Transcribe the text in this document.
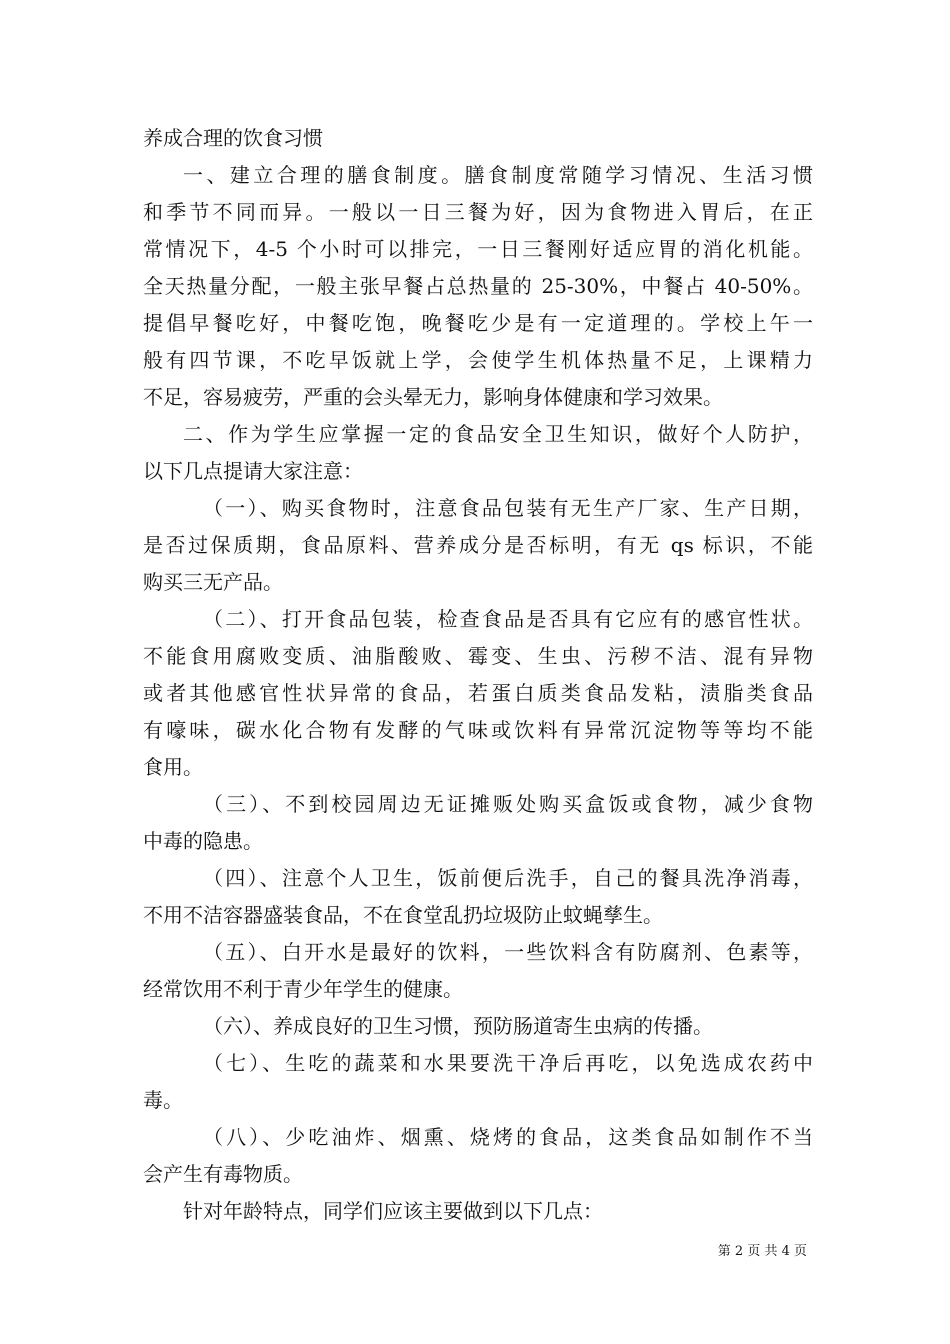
养成合理的饮食习惯
一、建立合理的膳食制度。膳食制度常随学习情况、生活习惯
和季节不同而异。一般以一日三餐为好，因为食物进入胃后，在正
常情况下，4-5 个小时可以排完，一日三餐刚好适应胃的消化机能。
全天热量分配，一般主张早餐占总热量的 25-30%，中餐占 40-50%。
提倡早餐吃好，中餐吃饱，晚餐吃少是有一定道理的。学校上午一
般有四节课，不吃早饭就上学，会使学生机体热量不足，上课精力
不足，容易疲劳，严重的会头晕无力，影响身体健康和学习效果。
二、作为学生应掌握一定的食品安全卫生知识，做好个人防护，
以下几点提请大家注意：
（一）、购买食物时，注意食品包装有无生产厂家、生产日期，
是否过保质期，食品原料、营养成分是否标明，有无 qs 标识，不能
购买三无产品。
（二）、打开食品包装，检查食品是否具有它应有的感官性状。
不能食用腐败变质、油脂酸败、霉变、生虫、污秽不洁、混有异物
或者其他感官性状异常的食品，若蛋白质类食品发粘，渍脂类食品
有嚎味，碳水化合物有发酵的气味或饮料有异常沉淀物等等均不能
食用。
（三）、不到校园周边无证摊贩处购买盒饭或食物，减少食物
中毒的隐患。
（四）、注意个人卫生，饭前便后洗手，自己的餐具洗净消毒，
不用不洁容器盛装食品，不在食堂乱扔垃圾防止蚊蝇孳生。
（五）、白开水是最好的饮料，一些饮料含有防腐剂、色素等，
经常饮用不利于青少年学生的健康。
（六）、养成良好的卫生习惯，预防肠道寄生虫病的传播。
（七）、生吃的蔬菜和水果要洗干净后再吃，以免选成农药中
毒。
（八）、少吃油炸、烟熏、烧烤的食品，这类食品如制作不当
会产生有毒物质。
针对年龄特点，同学们应该主要做到以下几点：
第 2 页 共 4 页
